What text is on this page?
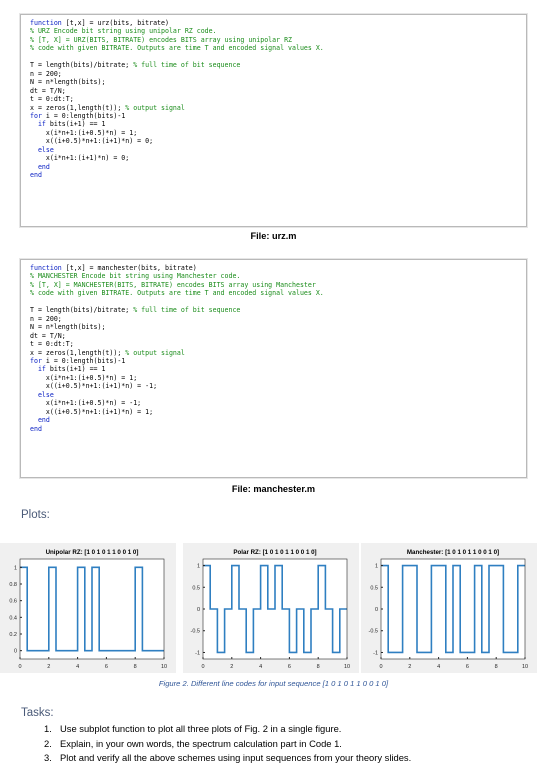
function [t,x] = urz(bits, bitrate)
% URZ Encode bit string using unipolar RZ code.
% [T, X] = URZ(BITS, BITRATE) encodes BITS array using unipolar RZ
% code with given BITRATE. Outputs are time T and encoded signal values X.

T = length(bits)/bitrate; % full time of bit sequence
n = 200;
N = n*length(bits);
dt = T/N;
t = 0:dt:T;
x = zeros(1,length(t)); % output signal
for i = 0:length(bits)-1
if bits(i+1) == 1
x(i*n+1:(i+0.5)*n) = 1;
x((i+0.5)*n+1:(i+1)*n) = 0;
else
x(i*n+1:(i+1)*n) = 0;
end
end
File: urz.m
function [t,x] = manchester(bits, bitrate)
% MANCHESTER Encode bit string using Manchester code.
% [T, X] = MANCHESTER(BITS, BITRATE) encodes BITS array using Manchester
% code with given BITRATE. Outputs are time T and encoded signal values X.

T = length(bits)/bitrate; % full time of bit sequence
n = 200;
N = n*length(bits);
dt = T/N;
t = 0:dt:T;
x = zeros(1,length(t)); % output signal
for i = 0:length(bits)-1
if bits(i+1) == 1
x(i*n+1:(i+0.5)*n) = 1;
x((i+0.5)*n+1:(i+1)*n) = -1;
else
x(i*n+1:(i+0.5)*n) = -1;
x((i+0.5)*n+1:(i+1)*n) = 1;
end
end
File: manchester.m
Plots:
0	2	4	6	8	10
0
0.2
0.4
0.6
0.8
1
Unipolar RZ: [1 0 1 0 1 1 0 0 1 0]
0	2	4	6	8	10
-1
-0.5
0
0.5
1
Polar RZ: [1 0 1 0 1 1 0 0 1 0]
0	2	4	6	8	10
-1
-0.5
0
0.5
1
Manchester: [1 0 1 0 1 1 0 0 1 0]
Figure 2. Different line codes for input sequence [1 0 1 0 1 1 0 0 1 0]
Tasks:
1. Use subplot function to plot all three plots of Fig. 2 in a single figure.
2. Explain, in your own words, the spectrum calculation part in Code 1.
3. Plot and verify all the above schemes using input sequences from your theory slides.
